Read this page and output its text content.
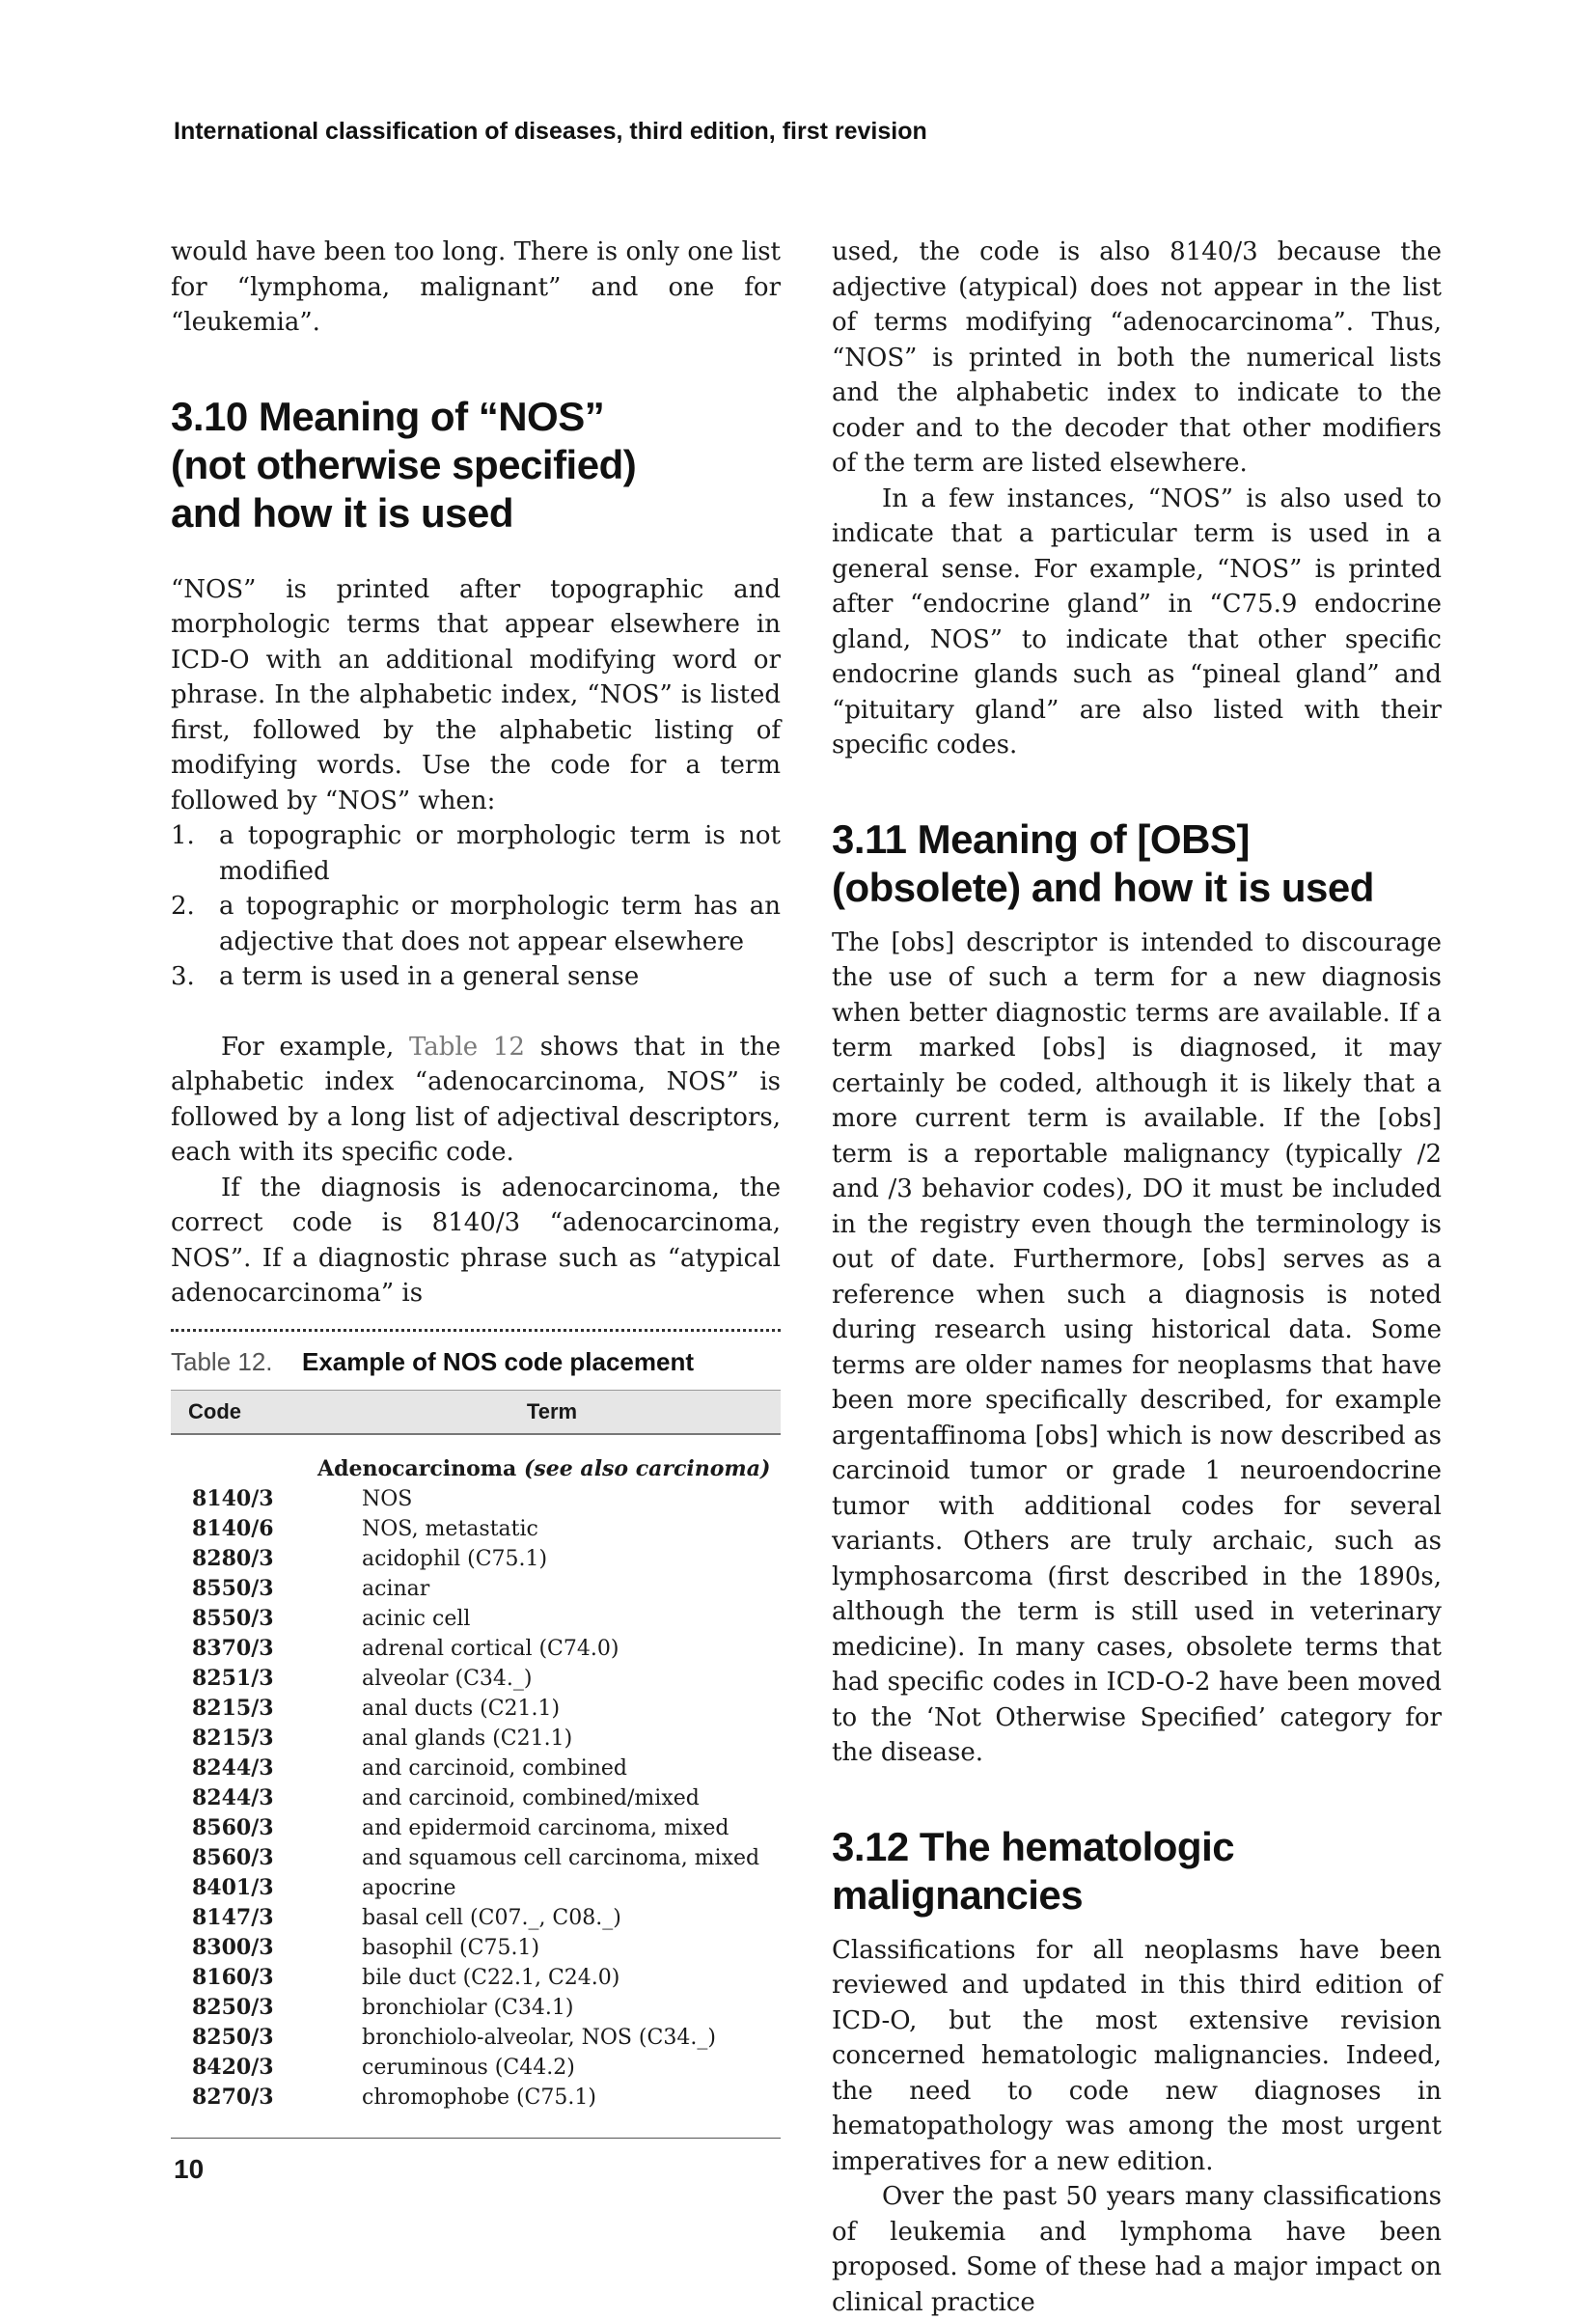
International classification of diseases, third edition, first revision

would have been too long. There is only one list for “lymphoma, malignant” and one for “leukemia”.

3.10 Meaning of “NOS”
(not otherwise specified)
and how it is used

“NOS” is printed after topographic and morphologic terms that appear elsewhere in ICD-O with an additional modifying word or phrase. In the alphabetic index, “NOS” is listed first, followed by the alphabetic listing of modifying words. Use the code for a term followed by “NOS” when:

1. a topographic or morphologic term is not modified
2. a topographic or morphologic term has an adjective that does not appear elsewhere
3. a term is used in a general sense

For example, Table 12 shows that in the alphabetic index “adenocarcinoma, NOS” is followed by a long list of adjectival descriptors, each with its specific code.

If the diagnosis is adenocarcinoma, the correct code is 8140/3 “adenocarcinoma, NOS”. If a diagnostic phrase such as “atypical adenocarcinoma” is

Table 12. Example of NOS code placement
Code	Term
Adenocarcinoma (see also carcinoma)
8140/3	NOS
8140/6	NOS, metastatic
8280/3	acidophil (C75.1)
8550/3	acinar
8550/3	acinic cell
8370/3	adrenal cortical (C74.0)
8251/3	alveolar (C34._)
8215/3	anal ducts (C21.1)
8215/3	anal glands (C21.1)
8244/3	and carcinoid, combined
8244/3	and carcinoid, combined/mixed
8560/3	and epidermoid carcinoma, mixed
8560/3	and squamous cell carcinoma, mixed
8401/3	apocrine
8147/3	basal cell (C07._, C08._)
8300/3	basophil (C75.1)
8160/3	bile duct (C22.1, C24.0)
8250/3	bronchiolar (C34.1)
8250/3	bronchiolo-alveolar, NOS (C34._)
8420/3	ceruminous (C44.2)
8270/3	chromophobe (C75.1)

used, the code is also 8140/3 because the adjective (atypical) does not appear in the list of terms modifying “adenocarcinoma”. Thus, “NOS” is printed in both the numerical lists and the alphabetic index to indicate to the coder and to the decoder that other modifiers of the term are listed elsewhere.

In a few instances, “NOS” is also used to indicate that a particular term is used in a general sense. For example, “NOS” is printed after “endocrine gland” in “C75.9 endocrine gland, NOS” to indicate that other specific endocrine glands such as “pineal gland” and “pituitary gland” are also listed with their specific codes.

3.11 Meaning of [OBS]
(obsolete) and how it is used

The [obs] descriptor is intended to discourage the use of such a term for a new diagnosis when better diagnostic terms are available. If a term marked [obs] is diagnosed, it may certainly be coded, although it is likely that a more current term is available. If the [obs] term is a reportable malignancy (typically /2 and /3 behavior codes), DO it must be included in the registry even though the terminology is out of date. Furthermore, [obs] serves as a reference when such a diagnosis is noted during research using historical data. Some terms are older names for neoplasms that have been more specifically described, for example argentaffinoma [obs] which is now described as carcinoid tumor or grade 1 neuroendocrine tumor with additional codes for several variants. Others are truly archaic, such as lymphosarcoma (first described in the 1890s, although the term is still used in veterinary medicine). In many cases, obsolete terms that had specific codes in ICD-O-2 have been moved to the ‘Not Otherwise Specified’ category for the disease.

3.12 The hematologic
malignancies

Classifications for all neoplasms have been reviewed and updated in this third edition of ICD-O, but the most extensive revision concerned hematologic malignancies. Indeed, the need to code new diagnoses in hematopathology was among the most urgent imperatives for a new edition.

Over the past 50 years many classifications of leukemia and lymphoma have been proposed. Some of these had a major impact on clinical practice

10
